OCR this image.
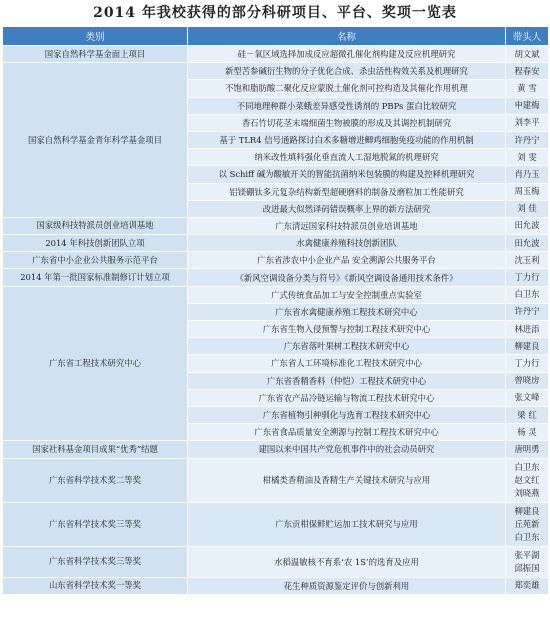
2014 年我校获得的部分科研项目、平台、奖项一览表
类别	名称	带头人
国家自然科学基金面上项目	硅－氧区域选择加成反应超微孔催化剂构建及反应机理研究	胡文斌
国家自然科学基金青年科学基金项目	新型苦参碱衍生物的分子优化合成、杀虫活性构效关系及机理研究	程春安
	不饱和脂肪酸二聚化反应蒙脱土催化剂可控构造及其催化作用机理	黄 雪
	不同地理种群小菜蛾差异感受性诱剂的 PBPs 蛋白比较研究	申建梅
	香石竹切花茎末端细菌生物被膜的形成及其调控机制研究	刘李平
	基于 TLR4 信号通路探讨白术多糖增进鲫鸡细胞免疫功能的作用机制	许丹宁
	纳米改性填料强化垂直流人工湿地脱氮的机理研究	刘 雯
	以 Schiff 碱为酸敏开关的智能抗菌纳米包装膜的构建及控释机理研究	肖乃玉
	铝镁硼钛多元复杂结构新型超硬磨料的制备及磨粒加工性能研究	周玉梅
	改进最大似然译码错误概率上界的新方法研究	刘 佳
国家级科技特派员创业培训基地	广东清远国家科技特派员创业培训基地	田允波
2014 年科技创新团队立项	水禽健康养殖科技创新团队	田允波
广东省中小企业公共服务示范平台	广东省涉农中小企业产品 安全溯源公共服务平台	沈玉利
2014 年第一批国家标准制修订计划立项	《新风空调设备分类与符号》《新风空调设备通用技术条件》	丁力行
广东省工程技术研究中心	广式传统食品加工与安全控制重点实验室	白卫东
	广东省水禽健康养殖工程技术研究中心	许丹宁
	广东省生物入侵预警与控制工程技术研究中心	林进添
	广东省落叶果树工程技术研究中心	柳建良
	广东省人工环境标准化工程技术研究中心	丁力行
	广东省香精香料（仲恺）工程技术研究中心	曾晓房
	广东省农产品冷链运输与物流工程技术研究中心	张文峰
	广东省植物引种驯化与选育工程技术研究中心	梁 红
	广东省食品质量安全溯源与控制工程技术研究中心	杨 灵
国家社科基金项目成果“优秀”结题	建国以来中国共产党危机事件中的社会动员研究	唐明勇
广东省科学技术奖二等奖	柑橘类香精油及香精生产关键技术研究与应用	白卫东 赵文红 刘晓燕
广东省科学技术奖三等奖	广东贡柑保鲜贮运加工技术研究与应用	柳建良 丘苑新 白卫东
广东省科学技术奖三等奖	水稻温敏核不育系‘农 1S’的选育及应用	张平湖 邱振国
山东省科学技术奖一等奖	花生种质资源鉴定评价与创新利用	郑奕雄
